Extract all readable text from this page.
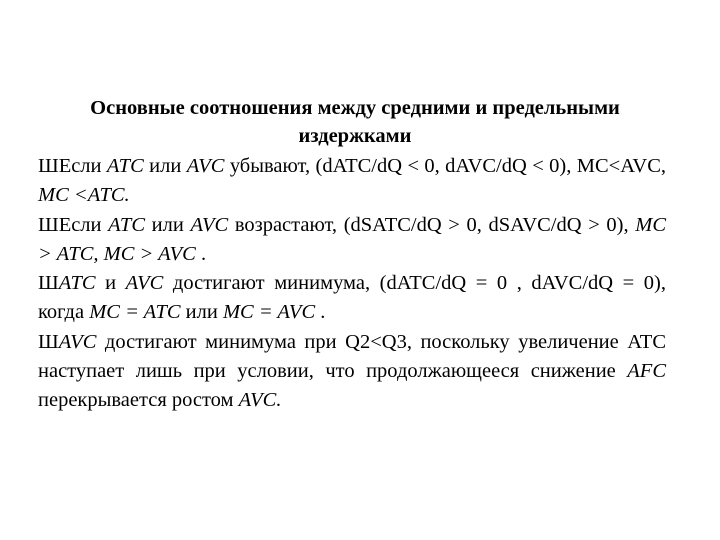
Основные соотношения между средними и предельными издержками

ШЕсли ATC или AVC убывают, (dATC/dQ < 0, dAVC/dQ < 0), MC<AVC, MC <ATC.

ШЕсли ATC или AVC возрастают, (dSATC/dQ > 0, dSAVC/dQ > 0), MC > ATC, MC > AVC .

ШATC и AVC достигают минимума, (dATC/dQ = 0 , dAVC/dQ = 0), когда MC = ATC или MC = AVC .

ШAVC достигают минимума при Q2<Q3, поскольку увеличение ATC наступает лишь при условии, что продолжающееся снижение AFC перекрывается ростом AVC.
